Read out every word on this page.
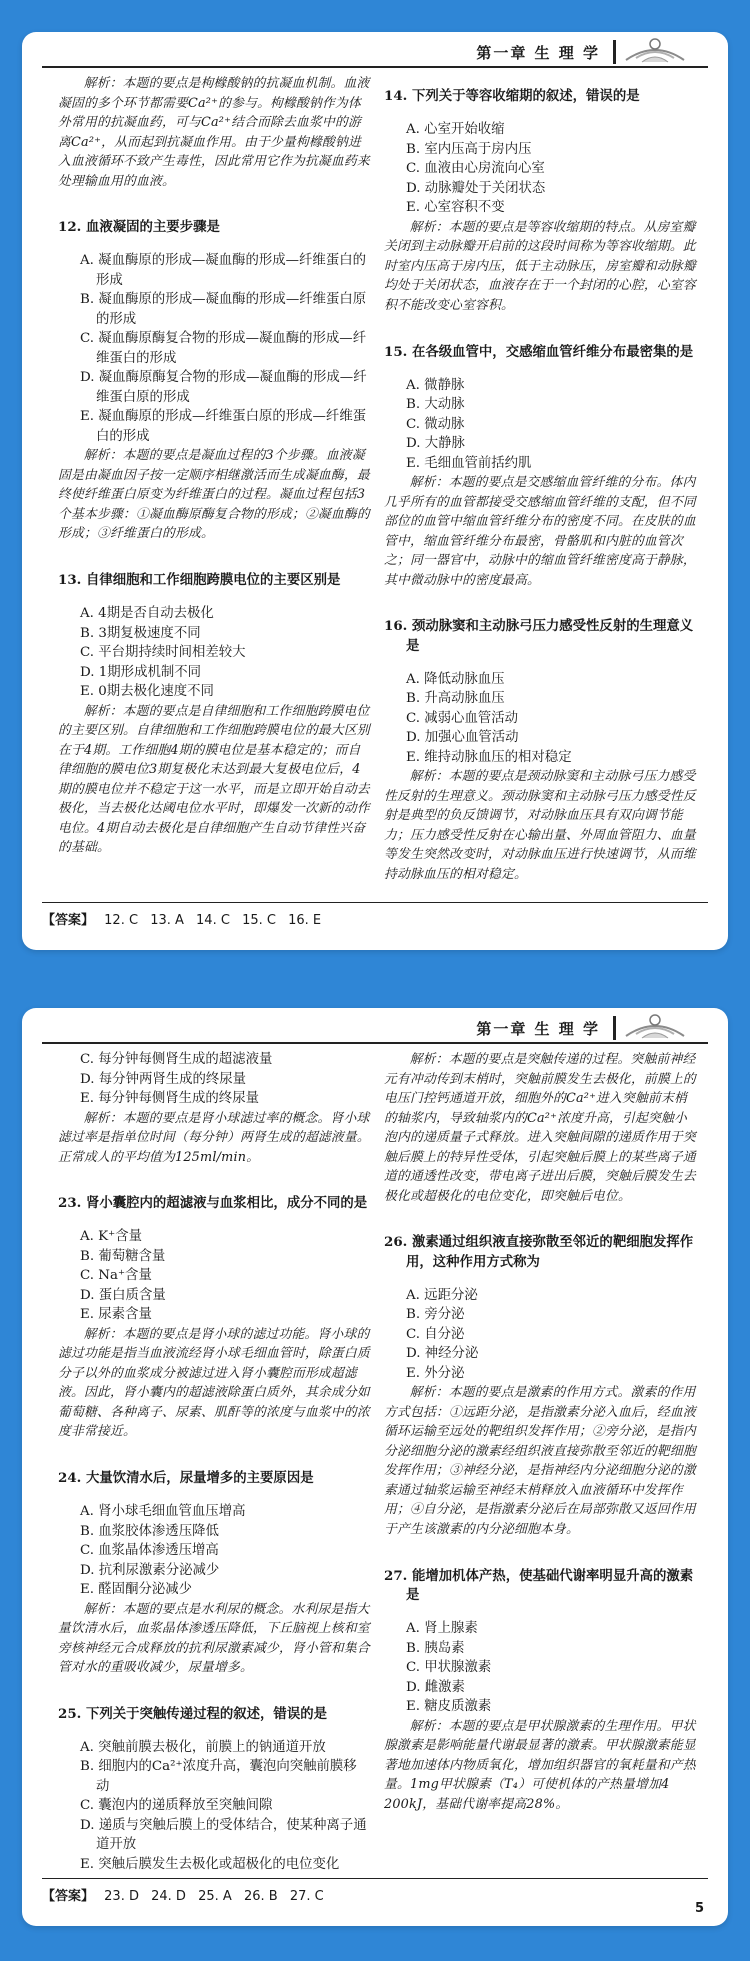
第一章 生 理 学

解析：本题的要点是枸橼酸钠的抗凝血机制。血液凝固的多个环节都需要Ca²⁺的参与。枸橼酸钠作为体外常用的抗凝血药，可与Ca²⁺结合而除去血浆中的游离Ca²⁺，从而起到抗凝血作用。由于少量枸橼酸钠进入血液循环不致产生毒性，因此常用它作为抗凝血药来处理输血用的血液。

12. 血液凝固的主要步骤是

A. 凝血酶原的形成—凝血酶的形成—纤维蛋白的形成

B. 凝血酶原的形成—凝血酶的形成—纤维蛋白原的形成

C. 凝血酶原酶复合物的形成—凝血酶的形成—纤维蛋白的形成

D. 凝血酶原酶复合物的形成—凝血酶的形成—纤维蛋白原的形成

E. 凝血酶原的形成—纤维蛋白原的形成—纤维蛋白的形成

解析：本题的要点是凝血过程的3个步骤。血液凝固是由凝血因子按一定顺序相继激活而生成凝血酶，最终使纤维蛋白原变为纤维蛋白的过程。凝血过程包括3个基本步骤：①凝血酶原酶复合物的形成；②凝血酶的形成；③纤维蛋白的形成。

13. 自律细胞和工作细胞跨膜电位的主要区别是

A. 4期是否自动去极化

B. 3期复极速度不同

C. 平台期持续时间相差较大

D. 1期形成机制不同

E. 0期去极化速度不同

解析：本题的要点是自律细胞和工作细胞跨膜电位的主要区别。自律细胞和工作细胞跨膜电位的最大区别在于4期。工作细胞4期的膜电位是基本稳定的；而自律细胞的膜电位3期复极化末达到最大复极电位后，4期的膜电位并不稳定于这一水平，而是立即开始自动去极化，当去极化达阈电位水平时，即爆发一次新的动作电位。4期自动去极化是自律细胞产生自动节律性兴奋的基础。

14. 下列关于等容收缩期的叙述，错误的是

A. 心室开始收缩

B. 室内压高于房内压

C. 血液由心房流向心室

D. 动脉瓣处于关闭状态

E. 心室容积不变

解析：本题的要点是等容收缩期的特点。从房室瓣关闭到主动脉瓣开启前的这段时间称为等容收缩期。此时室内压高于房内压，低于主动脉压，房室瓣和动脉瓣均处于关闭状态，血液存在于一个封闭的心腔，心室容积不能改变心室容积。

15. 在各级血管中，交感缩血管纤维分布最密集的是

A. 微静脉

B. 大动脉

C. 微动脉

D. 大静脉

E. 毛细血管前括约肌

解析：本题的要点是交感缩血管纤维的分布。体内几乎所有的血管都接受交感缩血管纤维的支配，但不同部位的血管中缩血管纤维分布的密度不同。在皮肤的血管中，缩血管纤维分布最密，骨骼肌和内脏的血管次之；同一器官中，动脉中的缩血管纤维密度高于静脉，其中微动脉中的密度最高。

16. 颈动脉窦和主动脉弓压力感受性反射的生理意义是

A. 降低动脉血压

B. 升高动脉血压

C. 减弱心血管活动

D. 加强心血管活动

E. 维持动脉血压的相对稳定

解析：本题的要点是颈动脉窦和主动脉弓压力感受性反射的生理意义。颈动脉窦和主动脉弓压力感受性反射是典型的负反馈调节，对动脉血压具有双向调节能力；压力感受性反射在心输出量、外周血管阻力、血量等发生突然改变时，对动脉血压进行快速调节，从而维持动脉血压的相对稳定。

【答案】 12. C 13. A 14. C 15. C 16. E
第一章 生 理 学

C. 每分钟每侧肾生成的超滤液量

D. 每分钟两肾生成的终尿量

E. 每分钟每侧肾生成的终尿量

解析：本题的要点是肾小球滤过率的概念。肾小球滤过率是指单位时间（每分钟）两肾生成的超滤液量。正常成人的平均值为125ml/min。

23. 肾小囊腔内的超滤液与血浆相比，成分不同的是

A. K⁺含量

B. 葡萄糖含量

C. Na⁺含量

D. 蛋白质含量

E. 尿素含量

解析：本题的要点是肾小球的滤过功能。肾小球的滤过功能是指当血液流经肾小球毛细血管时，除蛋白质分子以外的血浆成分被滤过进入肾小囊腔而形成超滤液。因此，肾小囊内的超滤液除蛋白质外，其余成分如葡萄糖、各种离子、尿素、肌酐等的浓度与血浆中的浓度非常接近。

24. 大量饮清水后，尿量增多的主要原因是

A. 肾小球毛细血管血压增高

B. 血浆胶体渗透压降低

C. 血浆晶体渗透压增高

D. 抗利尿激素分泌减少

E. 醛固酮分泌减少

解析：本题的要点是水利尿的概念。水利尿是指大量饮清水后，血浆晶体渗透压降低，下丘脑视上核和室旁核神经元合成释放的抗利尿激素减少，肾小管和集合管对水的重吸收减少，尿量增多。

25. 下列关于突触传递过程的叙述，错误的是

A. 突触前膜去极化，前膜上的钠通道开放

B. 细胞内的Ca²⁺浓度升高，囊泡向突触前膜移动

C. 囊泡内的递质释放至突触间隙

D. 递质与突触后膜上的受体结合，使某种离子通道开放

E. 突触后膜发生去极化或超极化的电位变化

解析：本题的要点是突触传递的过程。突触前神经元有冲动传到末梢时，突触前膜发生去极化，前膜上的电压门控钙通道开放，细胞外的Ca²⁺进入突触前末梢的轴浆内，导致轴浆内的Ca²⁺浓度升高，引起突触小泡内的递质量子式释放。进入突触间隙的递质作用于突触后膜上的特异性受体，引起突触后膜上的某些离子通道的通透性改变，带电离子进出后膜，突触后膜发生去极化或超极化的电位变化，即突触后电位。

26. 激素通过组织液直接弥散至邻近的靶细胞发挥作用，这种作用方式称为

A. 远距分泌

B. 旁分泌

C. 自分泌

D. 神经分泌

E. 外分泌

解析：本题的要点是激素的作用方式。激素的作用方式包括：①远距分泌，是指激素分泌入血后，经血液循环运输至远处的靶组织发挥作用；②旁分泌，是指内分泌细胞分泌的激素经组织液直接弥散至邻近的靶细胞发挥作用；③神经分泌，是指神经内分泌细胞分泌的激素通过轴浆运输至神经末梢释放入血液循环中发挥作用；④自分泌，是指激素分泌后在局部弥散又返回作用于产生该激素的内分泌细胞本身。

27. 能增加机体产热，使基础代谢率明显升高的激素是

A. 肾上腺素

B. 胰岛素

C. 甲状腺激素

D. 雌激素

E. 糖皮质激素

解析：本题的要点是甲状腺激素的生理作用。甲状腺激素是影响能量代谢最显著的激素。甲状腺激素能显著地加速体内物质氧化，增加组织器官的氧耗量和产热量。1mg甲状腺素（T₄）可使机体的产热量增加4 200kJ，基础代谢率提高28%。

【答案】 23. D 24. D 25. A 26. B 27. C
5
